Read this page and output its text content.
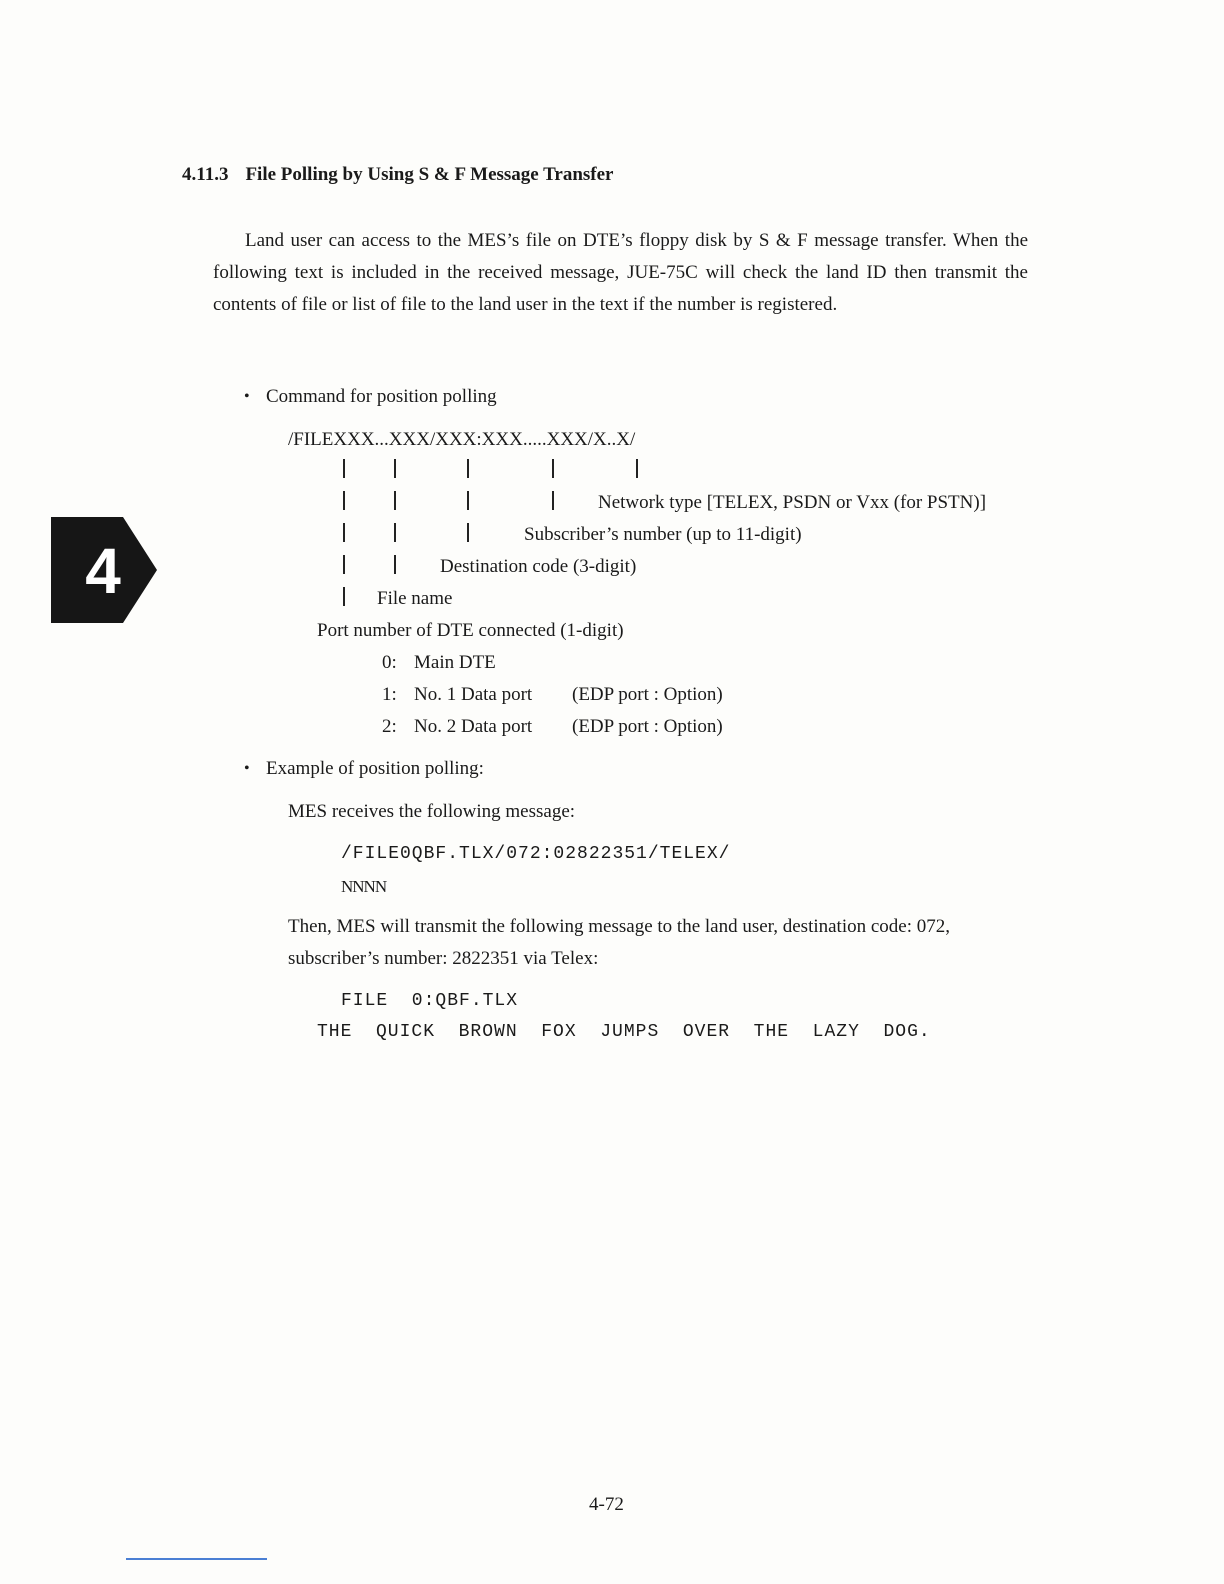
4
4.11.3 File Polling by Using S & F Message Transfer
Land user can access to the MES’s file on DTE’s floppy disk by S & F message transfer. When the following text is included in the received message, JUE-75C will check the land ID then transmit the contents of file or list of file to the land user in the text if the number is registered.
• Command for position polling
/FILEXXX...XXX/XXX:XXX.....XXX/X..X/
Network type [TELEX, PSDN or Vxx (for PSTN)]
Subscriber’s number (up to 11-digit)
Destination code (3-digit)
File name
Port number of DTE connected (1-digit)
0: Main DTE
1: No. 1 Data port (EDP port : Option)
2: No. 2 Data port (EDP port : Option)
• Example of position polling:
MES receives the following message:
/FILE0QBF.TLX/072:02822351/TELEX/
NNNN
Then, MES will transmit the following message to the land user, destination code: 072,
subscriber’s number: 2822351 via Telex:
FILE  0:QBF.TLX
THE  QUICK  BROWN  FOX  JUMPS  OVER  THE  LAZY  DOG.
4-72
